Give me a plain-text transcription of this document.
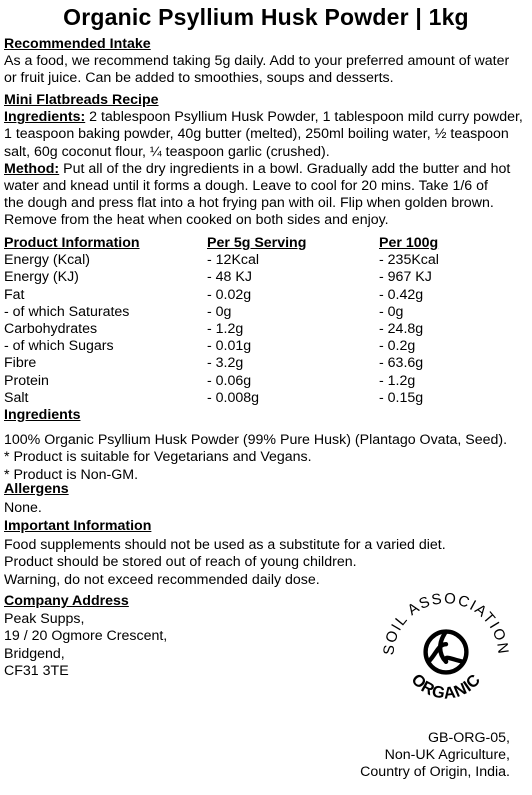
Organic Psyllium Husk Powder | 1kg
Recommended Intake
As a food, we recommend taking 5g daily. Add to your preferred amount of water
or fruit juice. Can be added to smoothies, soups and desserts.
Mini Flatbreads Recipe
Ingredients: 2 tablespoon Psyllium Husk Powder, 1 tablespoon mild curry powder,
1 teaspoon baking powder, 40g butter (melted), 250ml boiling water, ½ teaspoon
salt, 60g coconut flour, ¼ teaspoon garlic (crushed).
Method: Put all of the dry ingredients in a bowl. Gradually add the butter and hot
water and knead until it forms a dough. Leave to cool for 20 mins. Take 1/6 of
the dough and press flat into a hot frying pan with oil. Flip when golden brown.
Remove from the heat when cooked on both sides and enjoy.
Product Information	Per 5g Serving	Per 100g
Energy (Kcal)	- 12Kcal	- 235Kcal
Energy (KJ)	- 48 KJ	- 967 KJ
Fat	- 0.02g	- 0.42g
- of which Saturates	- 0g	- 0g
Carbohydrates	- 1.2g	- 24.8g
- of which Sugars	- 0.01g	- 0.2g
Fibre	- 3.2g	- 63.6g
Protein	- 0.06g	- 1.2g
Salt	- 0.008g	- 0.15g
Ingredients
100% Organic Psyllium Husk Powder (99% Pure Husk) (Plantago Ovata, Seed).
* Product is suitable for Vegetarians and Vegans.
* Product is Non-GM.
Allergens
None.
Important Information
Food supplements should not be used as a substitute for a varied diet.
Product should be stored out of reach of young children.
Warning, do not exceed recommended daily dose.
Company Address
Peak Supps,
19 / 20 Ogmore Crescent,
Bridgend,
CF31 3TE
SOIL ASSOCIATION
ORGANIC
GB-ORG-05,
Non-UK Agriculture,
Country of Origin, India.
